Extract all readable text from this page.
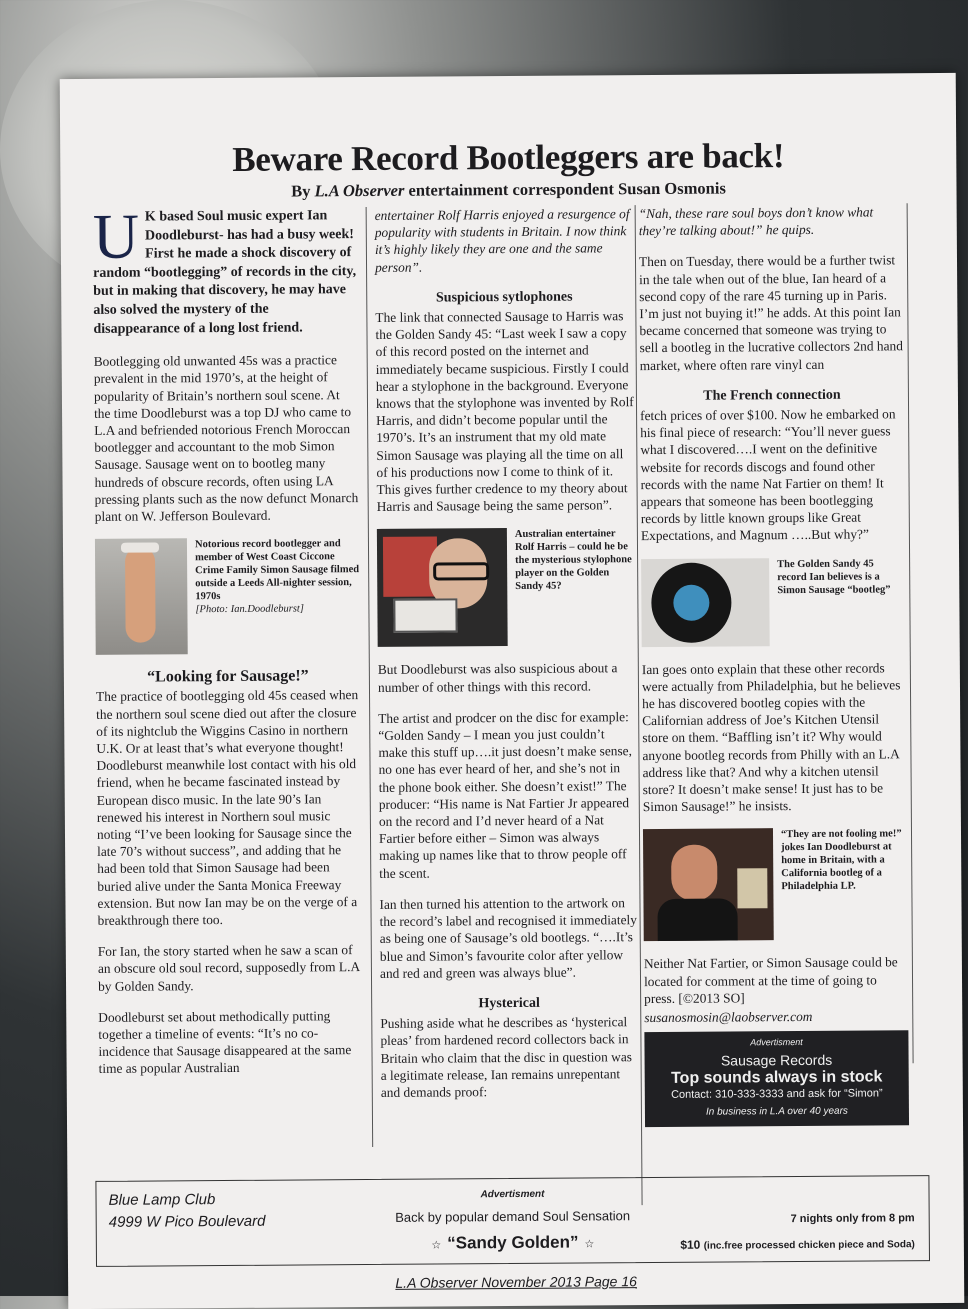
Beware Record Bootleggers are back!
By L.A Observer entertainment correspondent Susan Osmonis

U K based Soul music expert Ian Doodleburst- has had a busy week! First he made a shock discovery of random “bootlegging” of records in the city, but in making that discovery, he may have also solved the mystery of the disappearance of a long lost friend.

Bootlegging old unwanted 45s was a practice prevalent in the mid 1970’s, at the height of popularity of Britain’s northern soul scene. At the time Doodleburst was a top DJ who came to L.A and befriended notorious French Moroccan bootlegger and accountant to the mob Simon Sausage. Sausage went on to bootleg many hundreds of obscure records, often using LA pressing plants such as the now defunct Monarch plant on W. Jefferson Boulevard.

Notorious record bootlegger and member of West Coast Ciccone Crime Family Simon Sausage filmed outside a Leeds All-nighter session, 1970s
[Photo: Ian.Doodleburst]
“Looking for Sausage!”

The practice of bootlegging old 45s ceased when the northern soul scene died out after the closure of its nightclub the Wiggins Casino in northern U.K. Or at least that’s what everyone thought! Doodleburst meanwhile lost contact with his old friend, when he became fascinated instead by European disco music. In the late 90’s Ian renewed his interest in Northern soul music noting “I’ve been looking for Sausage since the late 70’s without success”, and adding that he had been told that Simon Sausage had been buried alive under the Santa Monica Freeway extension. But now Ian may be on the verge of a breakthrough there too.

For Ian, the story started when he saw a scan of an obscure old soul record, supposedly from L.A by Golden Sandy.

Doodleburst set about methodically putting together a timeline of events: “It’s no co-incidence that Sausage disappeared at the same time as popular Australian

entertainer Rolf Harris enjoyed a resurgence of popularity with students in Britain. I now think it’s highly likely they are one and the same person”.

Suspicious sytlophones

The link that connected Sausage to Harris was the Golden Sandy 45: “Last week I saw a copy of this record posted on the internet and immediately became suspicious. Firstly I could hear a stylophone in the background. Everyone knows that the stylophone was invented by Rolf Harris, and didn’t become popular until the 1970’s. It’s an instrument that my old mate Simon Sausage was playing all the time on all of his productions now I come to think of it. This gives further credence to my theory about Harris and Sausage being the same person”.

Australian entertainer Rolf Harris – could he be the mysterious stylophone player on the Golden Sandy 45?

But Doodleburst was also suspicious about a number of other things with this record.

The artist and prodcer on the disc for example: “Golden Sandy – I mean you just couldn’t make this stuff up….it just doesn’t make sense, no one has ever heard of her, and she’s not in the phone book either. She doesn’t exist!” The producer: “His name is Nat Fartier Jr appeared on the record and I’d never heard of a Nat Fartier before either – Simon was always making up names like that to throw people off the scent.

Ian then turned his attention to the artwork on the record’s label and recognised it immediately as being one of Sausage’s old bootlegs. “….It’s blue and Simon’s favourite color after yellow and red and green was always blue”.

Hysterical

Pushing aside what he describes as ‘hysterical pleas’ from hardened record collectors back in Britain who claim that the disc in question was a legitimate release, Ian remains unrepentant and demands proof:

“Nah, these rare soul boys don’t know what they’re talking about!” he quips.

Then on Tuesday, there would be a further twist in the tale when out of the blue, Ian heard of a second copy of the rare 45 turning up in Paris. I’m just not buying it!” he adds. At this point Ian became concerned that someone was trying to sell a bootleg in the lucrative collectors 2nd hand market, where often rare vinyl can

The French connection

fetch prices of over $100. Now he embarked on his final piece of research: “You’ll never guess what I discovered….I went on the definitive website for records discogs and found other records with the name Nat Fartier on them! It appears that someone has been bootlegging records by little known groups like Great Expectations, and Magnum …..But why?”

The Golden Sandy 45 record Ian believes is a Simon Sausage “bootleg”

Ian goes onto explain that these other records were actually from Philadelphia, but he believes he has discovered bootleg copies with the Californian address of Joe’s Kitchen Utensil store on them. “Baffling isn’t it? Why would anyone bootleg records from Philly with an L.A address like that? And why a kitchen utensil store? It doesn’t make sense! It just has to be Simon Sausage!” he insists.

“They are not fooling me!” jokes Ian Doodleburst at home in Britain, with a California bootleg of a Philadelphia LP.

Neither Nat Fartier, or Simon Sausage could be located for comment at the time of going to press. [©2013 SO]

susanosmosin@laobserver.com

Advertisment
Sausage Records
Top sounds always in stock
Contact: 310-333-3333 and ask for “Simon”
In business in L.A over 40 years
Blue Lamp Club
4999 W Pico Boulevard
Advertisment
Back by popular demand Soul Sensation
☆ “Sandy Golden” ☆
7 nights only from 8 pm
$10 (inc.free processed chicken piece and Soda)
L.A Observer November 2013 Page 16
